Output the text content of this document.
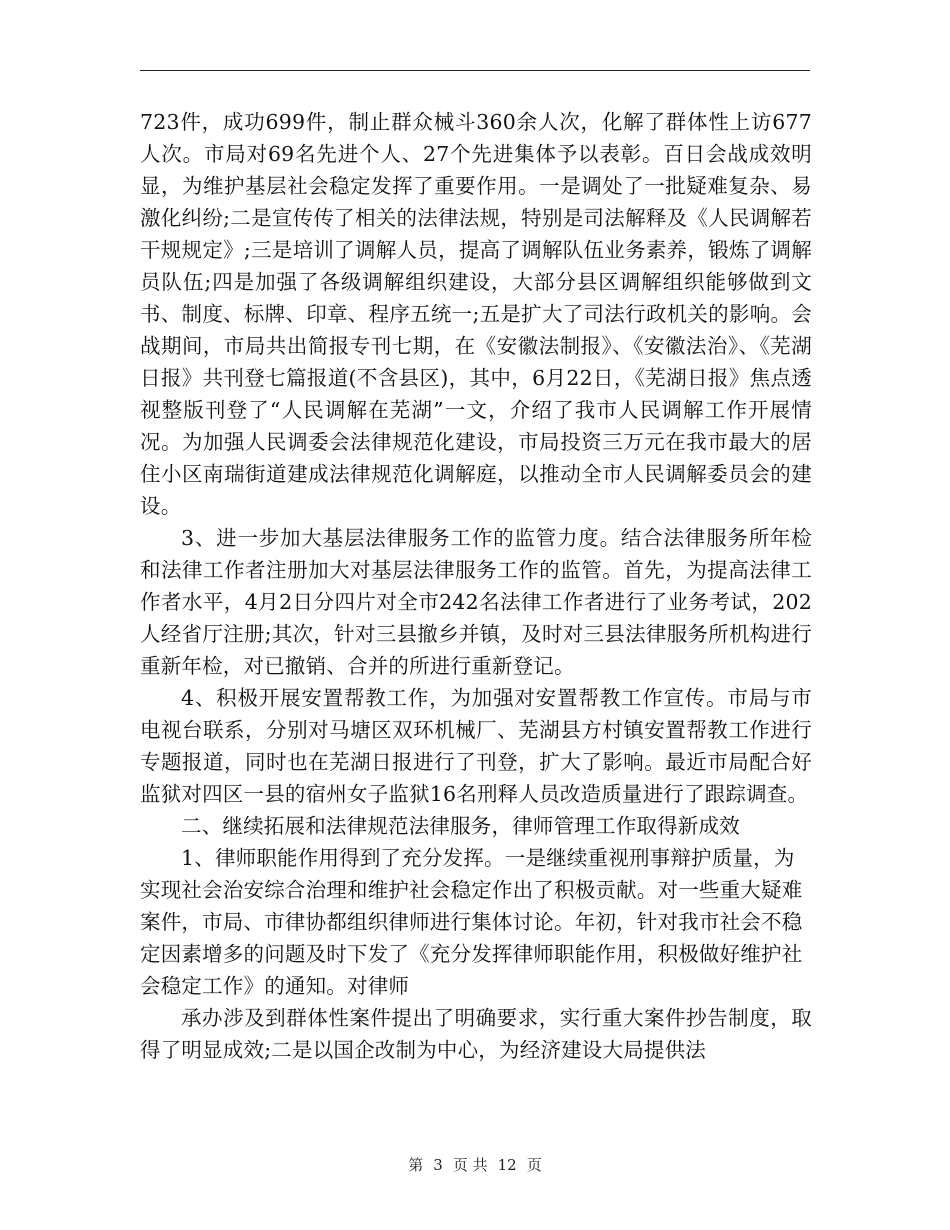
723件，成功699件，制止群众械斗360余人次，化解了群体性上访677人次。市局对69名先进个人、27个先进集体予以表彰。百日会战成效明显，为维护基层社会稳定发挥了重要作用。一是调处了一批疑难复杂、易激化纠纷;二是宣传传了相关的法律法规，特别是司法解释及《人民调解若干规规定》;三是培训了调解人员，提高了调解队伍业务素养，锻炼了调解员队伍;四是加强了各级调解组织建设，大部分县区调解组织能够做到文书、制度、标牌、印章、程序五统一;五是扩大了司法行政机关的影响。会战期间，市局共出简报专刊七期，在《安徽法制报》、《安徽法治》、《芜湖日报》共刊登七篇报道(不含县区)，其中，6月22日，《芜湖日报》焦点透视整版刊登了“人民调解在芜湖”一文，介绍了我市人民调解工作开展情况。为加强人民调委会法律规范化建设，市局投资三万元在我市最大的居住小区南瑞街道建成法律规范化调解庭，以推动全市人民调解委员会的建设。

3、进一步加大基层法律服务工作的监管力度。结合法律服务所年检和法律工作者注册加大对基层法律服务工作的监管。首先，为提高法律工作者水平，4月2日分四片对全市242名法律工作者进行了业务考试，202人经省厅注册;其次，针对三县撤乡并镇，及时对三县法律服务所机构进行重新年检，对已撤销、合并的所进行重新登记。

4、积极开展安置帮教工作，为加强对安置帮教工作宣传。市局与市电视台联系，分别对马塘区双环机械厂、芜湖县方村镇安置帮教工作进行专题报道，同时也在芜湖日报进行了刊登，扩大了影响。最近市局配合好监狱对四区一县的宿州女子监狱16名刑释人员改造质量进行了跟踪调查。

二、继续拓展和法律规范法律服务，律师管理工作取得新成效

1、律师职能作用得到了充分发挥。一是继续重视刑事辩护质量，为实现社会治安综合治理和维护社会稳定作出了积极贡献。对一些重大疑难案件，市局、市律协都组织律师进行集体讨论。年初，针对我市社会不稳定因素增多的问题及时下发了《充分发挥律师职能作用，积极做好维护社会稳定工作》的通知。对律师

承办涉及到群体性案件提出了明确要求，实行重大案件抄告制度，取得了明显成效;二是以国企改制为中心，为经济建设大局提供法

第 3 页 共 12 页
